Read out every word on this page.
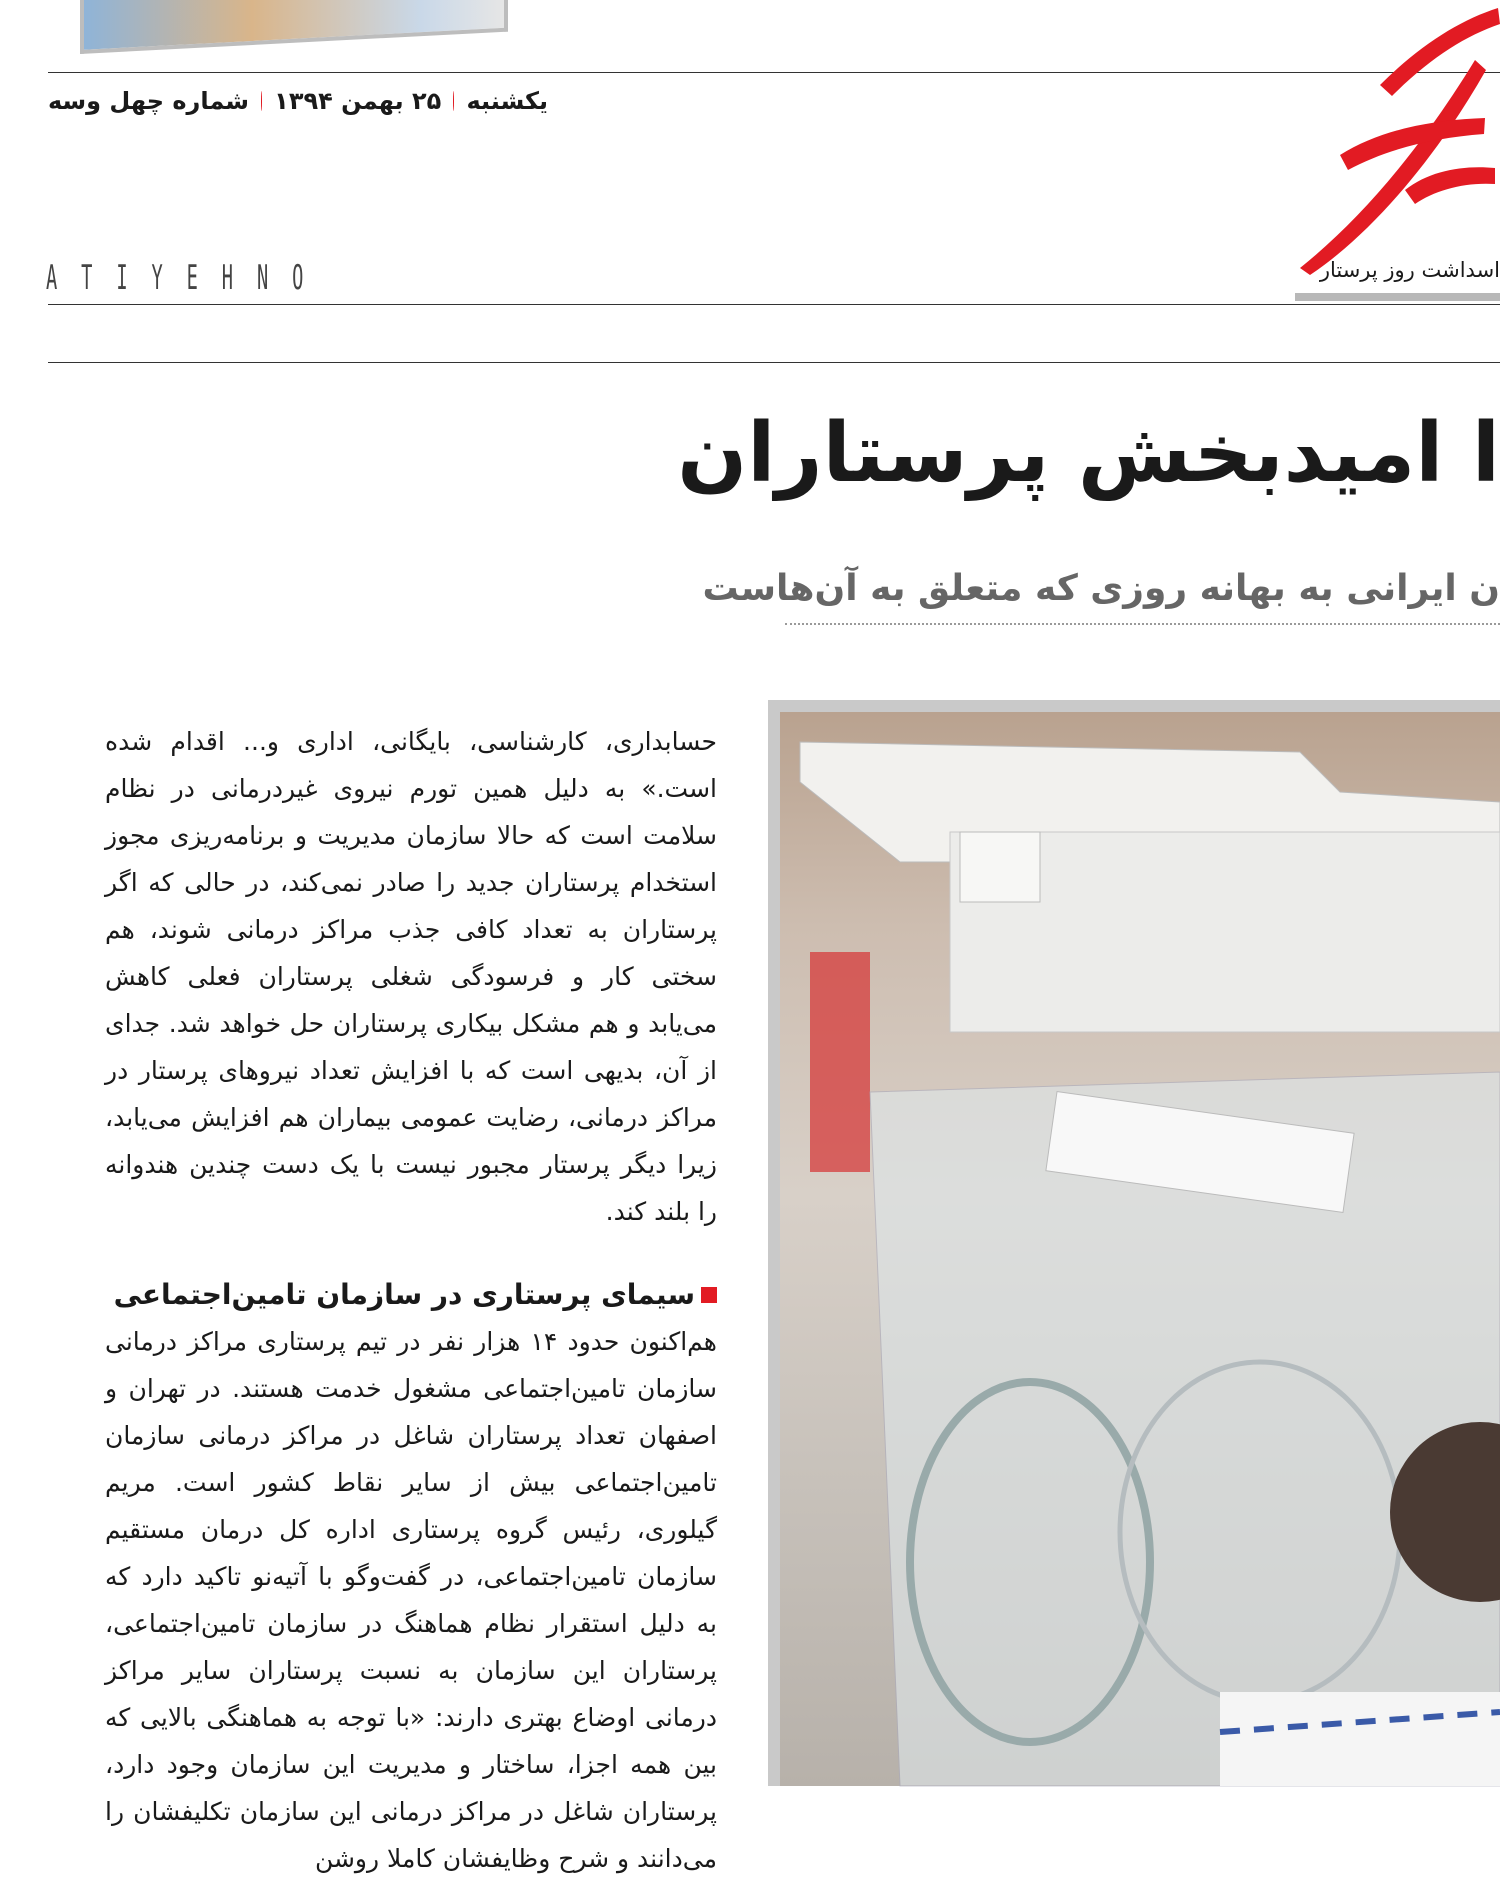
یکشنبه
۲۵ بهمن ۱۳۹۴
شماره چهل وسه
اسداشت روز پرستار
A T I Y E H N O
ا امیدبخش پرستاران
ن ایرانی به بهانه روزی که متعلق به آن‌هاست

حسابداری، کارشناسی، بایگانی، اداری و... اقدام شده است.» به دلیل همین تورم نیروی غیردرمانی در نظام سلامت است که حالا سازمان مدیریت و برنامه‌ریزی مجوز استخدام پرستاران جدید را صادر نمی‌کند، در حالی که اگر پرستاران به تعداد کافی جذب مراکز درمانی شوند، هم سختی کار و فرسودگی شغلی پرستاران فعلی کاهش می‌یابد و هم مشکل بیکاری پرستاران حل خواهد شد. جدای از آن، بدیهی است که با افزایش تعداد نیروهای پرستار در مراکز درمانی، رضایت عمومی بیماران هم افزایش می‌یابد، زیرا دیگر پرستار مجبور نیست با یک دست چندین هندوانه را بلند کند.

سیمای پرستاری در سازمان تامین‌اجتماعی

هم‌اکنون حدود ۱۴ هزار نفر در تیم پرستاری مراکز درمانی سازمان تامین‌اجتماعی مشغول خدمت هستند. در تهران و اصفهان تعداد پرستاران شاغل در مراکز درمانی سازمان تامین‌اجتماعی بیش از سایر نقاط کشور است. مریم گیلوری، رئیس گروه پرستاری اداره کل درمان مستقیم سازمان تامین‌اجتماعی، در گفت‌وگو با آتیه‌نو تاکید دارد که به دلیل استقرار نظام هماهنگ در سازمان تامین‌اجتماعی، پرستاران این سازمان به نسبت پرستاران سایر مراکز درمانی اوضاع بهتری دارند: «با توجه به هماهنگی بالایی که بین همه اجزا، ساختار و مدیریت این سازمان وجود دارد، پرستاران شاغل در مراکز درمانی این سازمان تکلیفشان را می‌دانند و شرح وظایفشان کاملا روشن
